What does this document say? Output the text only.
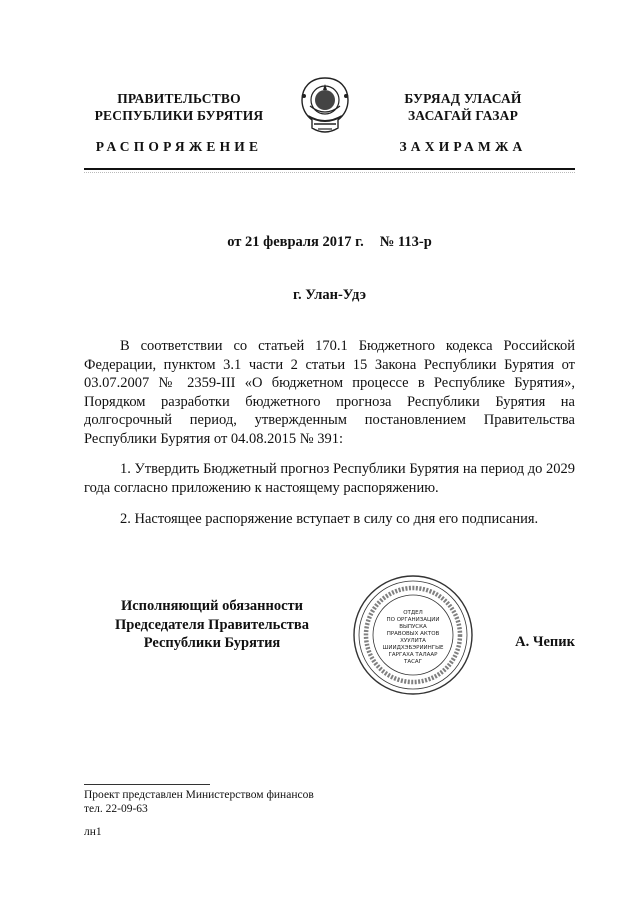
ПРАВИТЕЛЬСТВО
РЕСПУБЛИКИ БУРЯТИЯ
РАСПОРЯЖЕНИЕ
БУРЯАД УЛАСАЙ
ЗАСАГАЙ ГАЗАР
ЗАХИРАМЖА
от 21 февраля 2017 г. № 113-р
г. Улан-Удэ
В соответствии со статьей 170.1 Бюджетного кодекса Российской Федерации, пунктом 3.1 части 2 статьи 15 Закона Республики Бурятия от 03.07.2007 № 2359-III «О бюджетном процессе в Республике Бурятия», Порядком разработки бюджетного прогноза Республики Бурятия на долгосрочный период, утвержденным постановлением Правительства Республики Бурятия от 04.08.2015 № 391:
1. Утвердить Бюджетный прогноз Республики Бурятия на период до 2029 года согласно приложению к настоящему распоряжению.
2. Настоящее распоряжение вступает в силу со дня его подписания.
Исполняющий обязанности
Председателя Правительства
Республики Бурятия
ОТДЕЛ
ПО ОРГАНИЗАЦИИ
ВЫПУСКА
ПРАВОВЫХ АКТОВ
ХУУЛИТА
ШИИДХЭБЭРИИНГЫЕ
ГАРГАХА ТАЛААР
ТАСАГ
А. Чепик
Проект представлен Министерством финансов
тел. 22-09-63
лн1
